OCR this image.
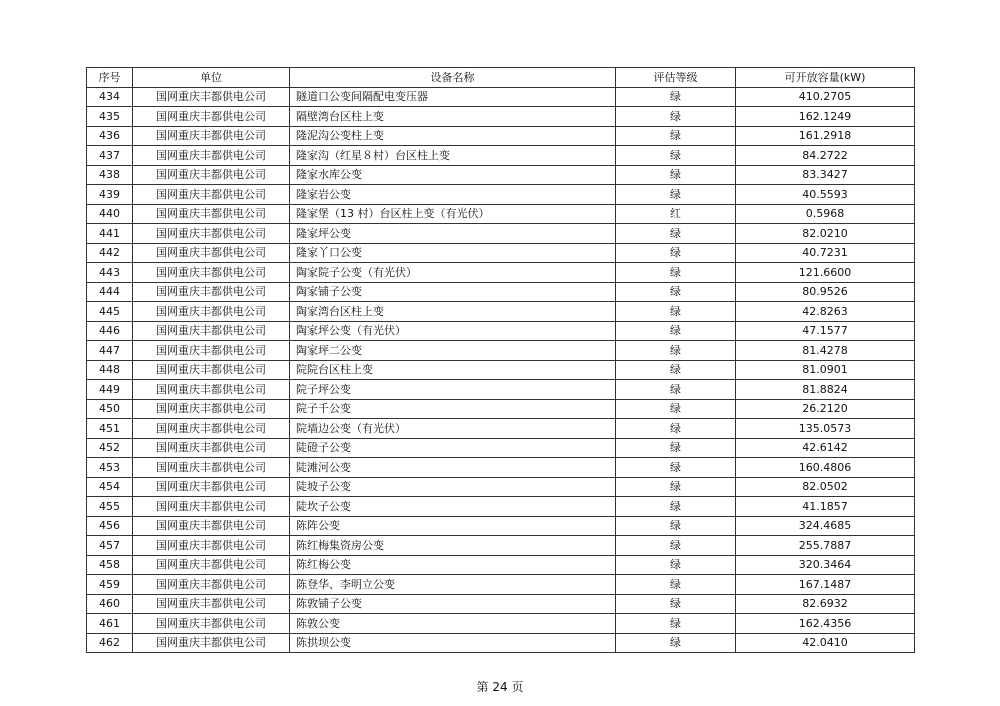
序号	单位	设备名称	评估等级	可开放容量(kW)
434	国网重庆丰都供电公司	隧道口公变间隔配电变压器	绿	410.2705
435	国网重庆丰都供电公司	隔壁湾台区柱上变	绿	162.1249
436	国网重庆丰都供电公司	隆泥沟公变柱上变	绿	161.2918
437	国网重庆丰都供电公司	隆家沟（红星８村）台区柱上变	绿	84.2722
438	国网重庆丰都供电公司	隆家水库公变	绿	83.3427
439	国网重庆丰都供电公司	隆家岩公变	绿	40.5593
440	国网重庆丰都供电公司	隆家堡（13 村）台区柱上变（有光伏）	红	0.5968
441	国网重庆丰都供电公司	隆家坪公变	绿	82.0210
442	国网重庆丰都供电公司	隆家丫口公变	绿	40.7231
443	国网重庆丰都供电公司	陶家院子公变（有光伏）	绿	121.6600
444	国网重庆丰都供电公司	陶家铺子公变	绿	80.9526
445	国网重庆丰都供电公司	陶家湾台区柱上变	绿	42.8263
446	国网重庆丰都供电公司	陶家坪公变（有光伏）	绿	47.1577
447	国网重庆丰都供电公司	陶家坪二公变	绿	81.4278
448	国网重庆丰都供电公司	院院台区柱上变	绿	81.0901
449	国网重庆丰都供电公司	院子坪公变	绿	81.8824
450	国网重庆丰都供电公司	院子千公变	绿	26.2120
451	国网重庆丰都供电公司	院墙边公变（有光伏）	绿	135.0573
452	国网重庆丰都供电公司	陡磴子公变	绿	42.6142
453	国网重庆丰都供电公司	陡滩河公变	绿	160.4806
454	国网重庆丰都供电公司	陡坡子公变	绿	82.0502
455	国网重庆丰都供电公司	陡坎子公变	绿	41.1857
456	国网重庆丰都供电公司	陈阵公变	绿	324.4685
457	国网重庆丰都供电公司	陈红梅集资房公变	绿	255.7887
458	国网重庆丰都供电公司	陈红梅公变	绿	320.3464
459	国网重庆丰都供电公司	陈登华、李明立公变	绿	167.1487
460	国网重庆丰都供电公司	陈敦铺子公变	绿	82.6932
461	国网重庆丰都供电公司	陈敦公变	绿	162.4356
462	国网重庆丰都供电公司	陈拱坝公变	绿	42.0410
第 24 页
